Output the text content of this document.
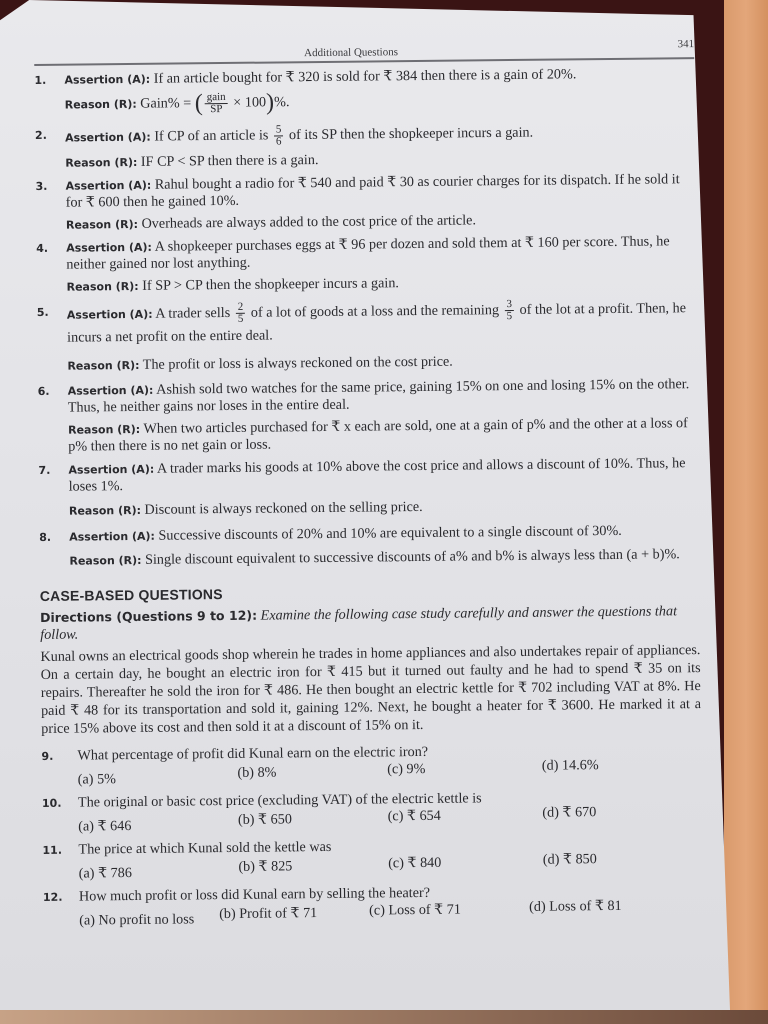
Additional Questions
341
1. Assertion (A): If an article bought for ₹ 320 is sold for ₹ 384 then there is a gain of 20%.
Reason (R): Gain% = ( $\frac{\text{gain}}{SP} \times 100)\%$.
2. Assertion (A): If CP of an article is $\frac{5}{6}$ of its SP then the shopkeeper incurs a gain.
Reason (R): IF CP < SP then there is a gain.
3. Assertion (A): Rahul bought a radio for ₹ 540 and paid ₹ 30 as courier charges for its dispatch. If he sold it for ₹ 600 then he gained 10%.
Reason (R): Overheads are always added to the cost price of the article.
4. Assertion (A): A shopkeeper purchases eggs at ₹ 96 per dozen and sold them at ₹ 160 per score. Thus, he neither gained nor lost anything.
Reason (R): If SP > CP then the shopkeeper incurs a gain.
5. Assertion (A): A trader sells $\frac{2}{5}$ of a lot of goods at a loss and the remaining $\frac{3}{5}$ of the lot at a profit. Then, he incurs a net profit on the entire deal.
Reason (R): The profit or loss is always reckoned on the cost price.
6. Assertion (A): Ashish sold two watches for the same price, gaining 15% on one and losing 15% on the other. Thus, he neither gains nor loses in the entire deal.
Reason (R): When two articles purchased for ₹ x each are sold, one at a gain of p% and the other at a loss of p% then there is no net gain or loss.
7. Assertion (A): A trader marks his goods at 10% above the cost price and allows a discount of 10%. Thus, he loses 1%.
Reason (R): Discount is always reckoned on the selling price.
8. Assertion (A): Successive discounts of 20% and 10% are equivalent to a single discount of 30%.
Reason (R): Single discount equivalent to successive discounts of a% and b% is always less than (a + b)%.
CASE-BASED QUESTIONS
Directions (Questions 9 to 12): Examine the following case study carefully and answer the questions that follow.
Kunal owns an electrical goods shop wherein he trades in home appliances and also undertakes repair of appliances. On a certain day, he bought an electric iron for ₹ 415 but it turned out faulty and he had to spend ₹ 35 on its repairs. Thereafter he sold the iron for ₹ 486. He then bought an electric kettle for ₹ 702 including VAT at 8%. He paid ₹ 48 for its transportation and sold it, gaining 12%. Next, he bought a heater for ₹ 3600. He marked it at a price 15% above its cost and then sold it at a discount of 15% on it.
9. What percentage of profit did Kunal earn on the electric iron?
(a) 5%	(b) 8%	(c) 9%	(d) 14.6%
10. The original or basic cost price (excluding VAT) of the electric kettle is
(a) ₹ 646	(b) ₹ 650	(c) ₹ 654	(d) ₹ 670
11. The price at which Kunal sold the kettle was
(a) ₹ 786	(b) ₹ 825	(c) ₹ 840	(d) ₹ 850
12. How much profit or loss did Kunal earn by selling the heater?
(a) No profit no loss	(b) Profit of ₹ 71	(c) Loss of ₹ 71	(d) Loss of ₹ 81
